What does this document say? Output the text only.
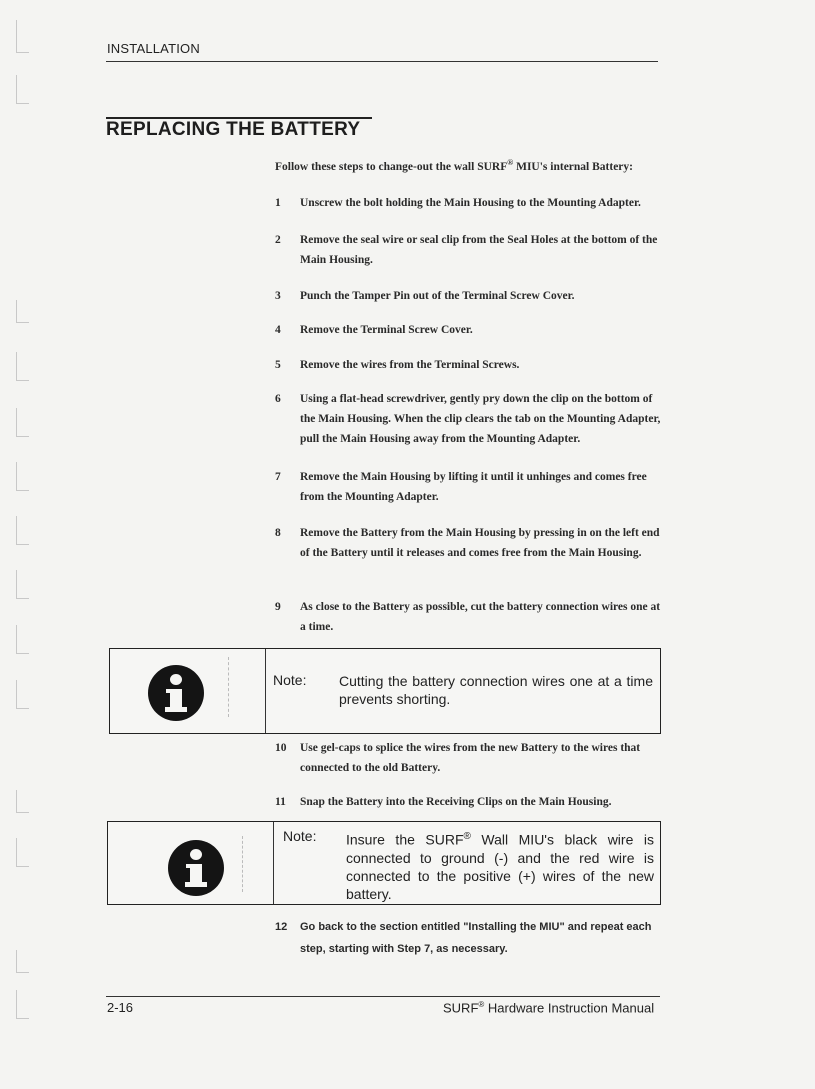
INSTALLATION
REPLACING THE BATTERY
Follow these steps to change-out the wall SURF® MIU's internal Battery:
1	Unscrew the bolt holding the Main Housing to the Mounting Adapter.
2	Remove the seal wire or seal clip from the Seal Holes at the bottom of the Main Housing.
3	Punch the Tamper Pin out of the Terminal Screw Cover.
4	Remove the Terminal Screw Cover.
5	Remove the wires from the Terminal Screws.
6	Using a flat-head screwdriver, gently pry down the clip on the bottom of the Main Housing. When the clip clears the tab on the Mounting Adapter, pull the Main Housing away from the Mounting Adapter.
7	Remove the Main Housing by lifting it until it unhinges and comes free from the Mounting Adapter.
8	Remove the Battery from the Main Housing by pressing in on the left end of the Battery until it releases and comes free from the Main Housing.
9	As close to the Battery as possible, cut the battery connection wires one at a time.
Note: Cutting the battery connection wires one at a time prevents shorting.
10	Use gel-caps to splice the wires from the new Battery to the wires that connected to the old Battery.
11	Snap the Battery into the Receiving Clips on the Main Housing.
Note: Insure the SURF® Wall MIU's black wire is connected to ground (-) and the red wire is connected to the positive (+) wires of the new battery.
12	Go back to the section entitled "Installing the MIU" and repeat each step, starting with Step 7, as necessary.
2-16	SURF® Hardware Instruction Manual
